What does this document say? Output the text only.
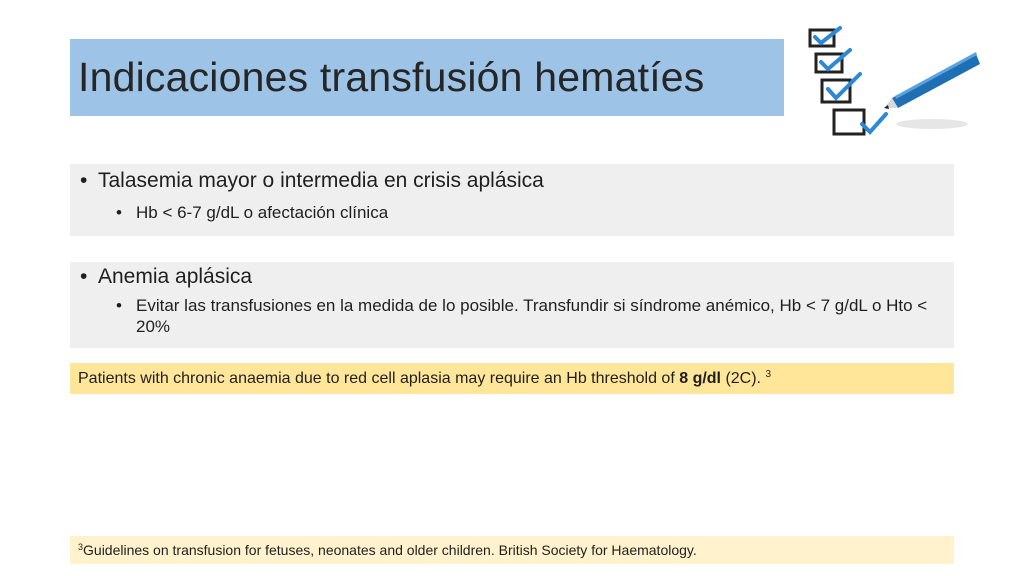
Indicaciones transfusión hematíes
• Talasemia mayor o intermedia en crisis aplásica
• Hb < 6-7 g/dL o afectación clínica
• Anemia aplásica
• Evitar las transfusiones en la medida de lo posible. Transfundir si síndrome anémico, Hb < 7 g/dL o Hto < 20%
Patients with chronic anaemia due to red cell aplasia may require an Hb threshold of 8 g/dl (2C). $^3$
$^3$Guidelines on transfusion for fetuses, neonates and older children. British Society for Haematology.
